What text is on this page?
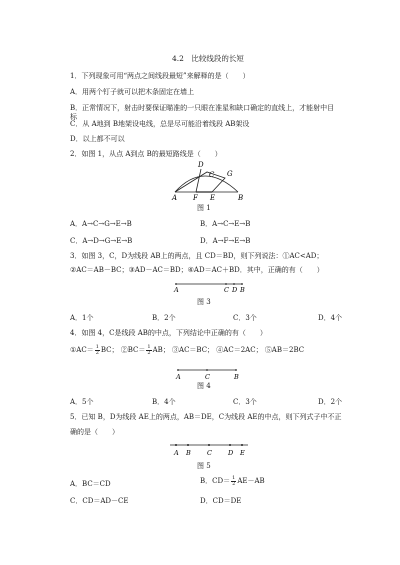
4.2　比较线段的长短
1．下列现象可用“两点之间线段最短”来解释的是（　　）
A．用两个钉子就可以把木条固定在墙上
B．正常情况下，射击时要保证瞄准的一只眼在准星和缺口确定的直线上，才能射中目
标
C．从 A地到 B地架设电线，总是尽可能沿着线段 AB架设
D．以上都不可以
2．如图 1，从点 A到点 B的最短路线是（　　）
D
C G
A F E	B
图 1
A．A→C→G→E→B	B．A→C→E→B
C．A→D→G→E→B	D．A→F→E→B
3．如图 3，C，D为线段 AB上的两点，且 CD＝BD，则下列说法：①AC<AD；
②AC＝AB－BC；③AD－AC＝BD；④AD＝AC＋BD．其中，正确的有（　　）
A	C D B
图 3
A．1个	B．2个	C．3个	D．4个
4．如图 4，C是线段 AB的中点，下列结论中正确的有（　　）
①AC＝ $\frac{1}{2}$ BC； ②BC＝ $\frac{1}{2}$ AB； ③AC＝BC； ④AC＝2AC； ⑤AB＝2BC
A	C	B
图 4
A．5个	B．4个	C．3个	D．2个
5．已知 B，D为线段 AE上的两点，AB＝DE，C为线段 AE的中点，则下列式子中不正
确的是（　　）
A B C D E
图 5
A．BC＝CD	B．$CD= \frac{1}{2} AE-AB$
C．CD＝AD－CE	D．CD＝DE
